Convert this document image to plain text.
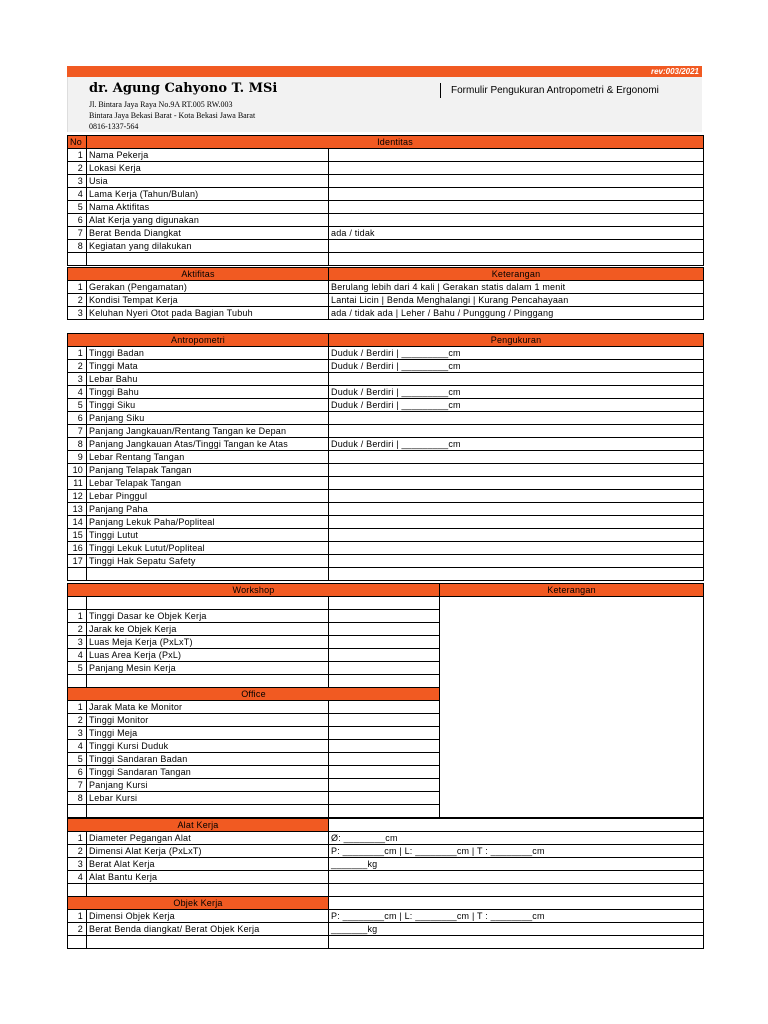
rev:003/2021
dr. Agung Cahyono T. MSi
Jl. Bintara Jaya Raya No.9A RT.005 RW.003
Bintara Jaya Bekasi Barat - Kota Bekasi Jawa Barat
0816-1337-564
Formulir Pengukuran Antropometri & Ergonomi
No	Identitas	
1	Nama Pekerja	
2	Lokasi Kerja	
3	Usia	
4	Lama Kerja (Tahun/Bulan)	
5	Nama Aktifitas	
6	Alat Kerja yang digunakan	
7	Berat Benda Diangkat	ada / tidak
8	Kegiatan yang dilakukan	

Aktifitas		Keterangan
1	Gerakan (Pengamatan)	Berulang lebih dari 4 kali | Gerakan statis dalam 1 menit
2	Kondisi Tempat Kerja	Lantai Licin | Benda Menghalangi | Kurang Pencahayaan
3	Keluhan Nyeri Otot pada Bagian Tubuh	ada / tidak ada | Leher / Bahu / Punggung / Pinggang
Antropometri		Pengukuran
1	Tinggi Badan	Duduk / Berdiri | _________cm
2	Tinggi Mata	Duduk / Berdiri | _________cm
3	Lebar Bahu	
4	Tinggi Bahu	Duduk / Berdiri | _________cm
5	Tinggi Siku	Duduk / Berdiri | _________cm
6	Panjang Siku	
7	Panjang Jangkauan/Rentang Tangan ke Depan	
8	Panjang Jangkauan Atas/Tinggi Tangan ke Atas	Duduk / Berdiri | _________cm
9	Lebar Rentang Tangan	
10	Panjang Telapak Tangan	
11	Lebar Telapak Tangan	
12	Lebar Pinggul	
13	Panjang Paha	
14	Panjang Lekuk Paha/Popliteal	
15	Tinggi Lutut	
16	Tinggi Lekuk Lutut/Popliteal	
17	Tinggi Hak Sepatu Safety	

Workshop			Keterangan

1	Tinggi Dasar ke Objek Kerja		
2	Jarak ke Objek Kerja		
3	Luas Meja Kerja (PxLxT)		
4	Luas Area Kerja (PxL)		
5	Panjang Mesin Kerja		

Office			
1	Jarak Mata ke Monitor		
2	Tinggi Monitor		
3	Tinggi Meja		
4	Tinggi Kursi Duduk		
5	Tinggi Sandaran Badan		
6	Tinggi Sandaran Tangan		
7	Panjang Kursi		
8	Lebar Kursi		

Alat Kerja		
1	Diameter Pegangan Alat	Ø: ________cm
2	Dimensi Alat Kerja (PxLxT)	P: ________cm | L: ________cm | T : ________cm
3	Berat Alat Kerja	_______kg
4	Alat Bantu Kerja	

Objek Kerja		
1	Dimensi Objek Kerja	P: ________cm | L: ________cm | T : ________cm
2	Berat Benda diangkat/ Berat Objek Kerja	_______kg
